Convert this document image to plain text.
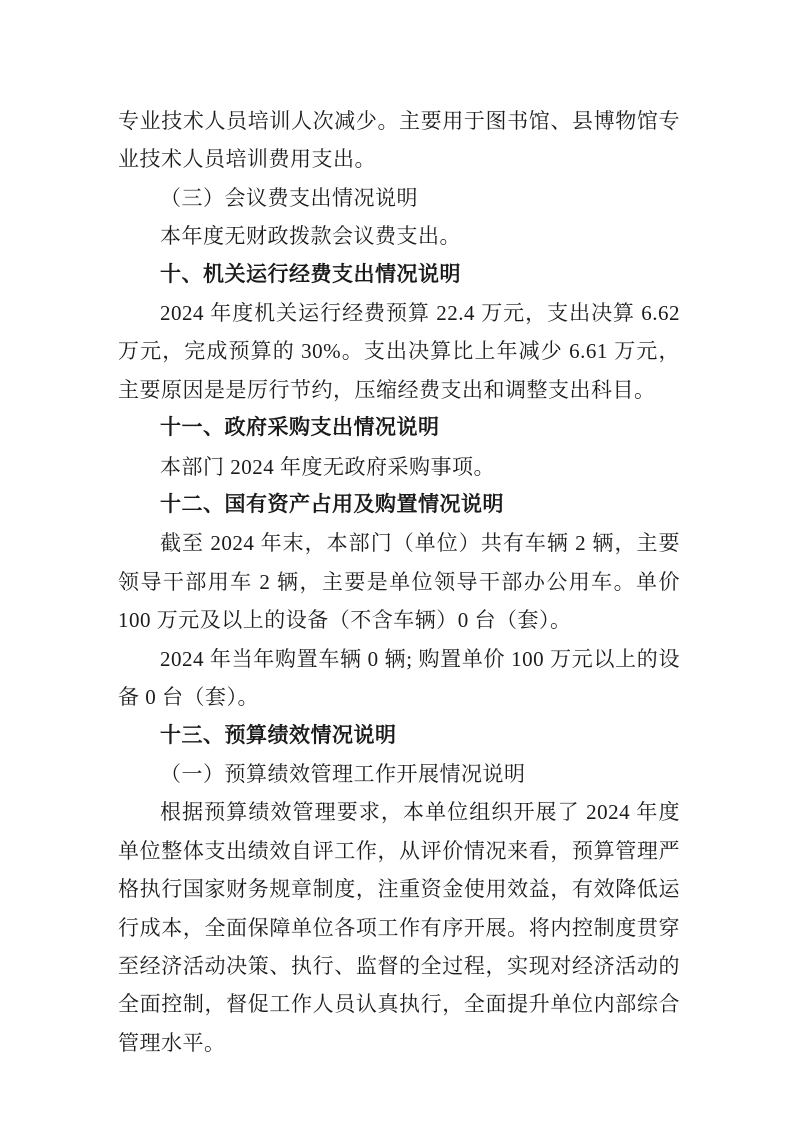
专业技术人员培训人次减少。主要用于图书馆、县博物馆专业技术人员培训费用支出。

（三）会议费支出情况说明

本年度无财政拨款会议费支出。

十、机关运行经费支出情况说明

2024 年度机关运行经费预算 22.4 万元，支出决算 6.62 万元，完成预算的 30%。支出决算比上年减少 6.61 万元，主要原因是是厉行节约，压缩经费支出和调整支出科目。

十一、政府采购支出情况说明

本部门 2024 年度无政府采购事项。

十二、国有资产占用及购置情况说明

截至 2024 年末，本部门（单位）共有车辆 2 辆，主要领导干部用车 2 辆，主要是单位领导干部办公用车。单价 100 万元及以上的设备（不含车辆）0 台（套）。

2024 年当年购置车辆 0 辆; 购置单价 100 万元以上的设备 0 台（套）。

十三、预算绩效情况说明

（一）预算绩效管理工作开展情况说明

根据预算绩效管理要求，本单位组织开展了 2024 年度单位整体支出绩效自评工作，从评价情况来看，预算管理严格执行国家财务规章制度，注重资金使用效益，有效降低运行成本，全面保障单位各项工作有序开展。将内控制度贯穿至经济活动决策、执行、监督的全过程，实现对经济活动的全面控制，督促工作人员认真执行，全面提升单位内部综合管理水平。
